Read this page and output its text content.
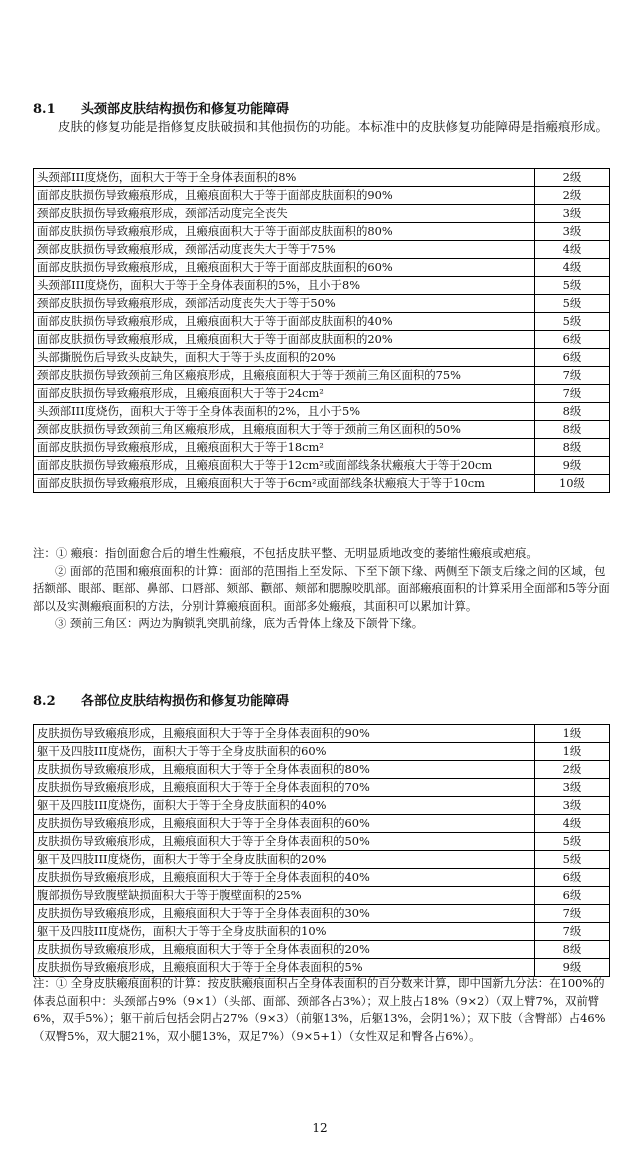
8.1 头颈部皮肤结构损伤和修复功能障碍
皮肤的修复功能是指修复皮肤破损和其他损伤的功能。本标准中的皮肤修复功能障碍是指瘢痕形成。
头颈部III度烧伤，面积大于等于全身体表面积的8%	2级
面部皮肤损伤导致瘢痕形成，且瘢痕面积大于等于面部皮肤面积的90%	2级
颈部皮肤损伤导致瘢痕形成，颈部活动度完全丧失	3级
面部皮肤损伤导致瘢痕形成，且瘢痕面积大于等于面部皮肤面积的80%	3级
颈部皮肤损伤导致瘢痕形成，颈部活动度丧失大于等于75%	4级
面部皮肤损伤导致瘢痕形成，且瘢痕面积大于等于面部皮肤面积的60%	4级
头颈部III度烧伤，面积大于等于全身体表面积的5%，且小于8%	5级
颈部皮肤损伤导致瘢痕形成，颈部活动度丧失大于等于50%	5级
面部皮肤损伤导致瘢痕形成，且瘢痕面积大于等于面部皮肤面积的40%	5级
面部皮肤损伤导致瘢痕形成，且瘢痕面积大于等于面部皮肤面积的20%	6级
头部撕脱伤后导致头皮缺失，面积大于等于头皮面积的20%	6级
颈部皮肤损伤导致颈前三角区瘢痕形成，且瘢痕面积大于等于颈前三角区面积的75%	7级
面部皮肤损伤导致瘢痕形成，且瘢痕面积大于等于24cm²	7级
头颈部III度烧伤，面积大于等于全身体表面积的2%，且小于5%	8级
颈部皮肤损伤导致颈前三角区瘢痕形成，且瘢痕面积大于等于颈前三角区面积的50%	8级
面部皮肤损伤导致瘢痕形成，且瘢痕面积大于等于18cm²	8级
面部皮肤损伤导致瘢痕形成，且瘢痕面积大于等于12cm²或面部线条状瘢痕大于等于20cm	9级
面部皮肤损伤导致瘢痕形成，且瘢痕面积大于等于6cm²或面部线条状瘢痕大于等于10cm	10级

注：① 瘢痕：指创面愈合后的增生性瘢痕，不包括皮肤平整、无明显质地改变的萎缩性瘢痕或疤痕。

② 面部的范围和瘢痕面积的计算：面部的范围指上至发际、下至下颌下缘、两侧至下颌支后缘之间的区域，包括额部、眼部、眶部、鼻部、口唇部、颏部、颧部、颊部和腮腺咬肌部。面部瘢痕面积的计算采用全面部和5等分面部以及实测瘢痕面积的方法，分别计算瘢痕面积。面部多处瘢痕，其面积可以累加计算。

③ 颈前三角区：两边为胸锁乳突肌前缘，底为舌骨体上缘及下颌骨下缘。

8.2 各部位皮肤结构损伤和修复功能障碍
皮肤损伤导致瘢痕形成，且瘢痕面积大于等于全身体表面积的90%	1级
躯干及四肢III度烧伤，面积大于等于全身皮肤面积的60%	1级
皮肤损伤导致瘢痕形成，且瘢痕面积大于等于全身体表面积的80%	2级
皮肤损伤导致瘢痕形成，且瘢痕面积大于等于全身体表面积的70%	3级
躯干及四肢III度烧伤，面积大于等于全身皮肤面积的40%	3级
皮肤损伤导致瘢痕形成，且瘢痕面积大于等于全身体表面积的60%	4级
皮肤损伤导致瘢痕形成，且瘢痕面积大于等于全身体表面积的50%	5级
躯干及四肢III度烧伤，面积大于等于全身皮肤面积的20%	5级
皮肤损伤导致瘢痕形成，且瘢痕面积大于等于全身体表面积的40%	6级
腹部损伤导致腹壁缺损面积大于等于腹壁面积的25%	6级
皮肤损伤导致瘢痕形成，且瘢痕面积大于等于全身体表面积的30%	7级
躯干及四肢III度烧伤，面积大于等于全身皮肤面积的10%	7级
皮肤损伤导致瘢痕形成，且瘢痕面积大于等于全身体表面积的20%	8级
皮肤损伤导致瘢痕形成，且瘢痕面积大于等于全身体表面积的5%	9级

注：① 全身皮肤瘢痕面积的计算：按皮肤瘢痕面积占全身体表面积的百分数来计算，即中国新九分法：在100%的体表总面积中：头颈部占9%（9×1）（头部、面部、颈部各占3%）；双上肢占18%（9×2）（双上臂7%，双前臂6%，双手5%）；躯干前后包括会阴占27%（9×3）（前躯13%，后躯13%，会阴1%）；双下肢（含臀部）占46%（双臀5%，双大腿21%，双小腿13%，双足7%）（9×5+1）（女性双足和臀各占6%）。

12
